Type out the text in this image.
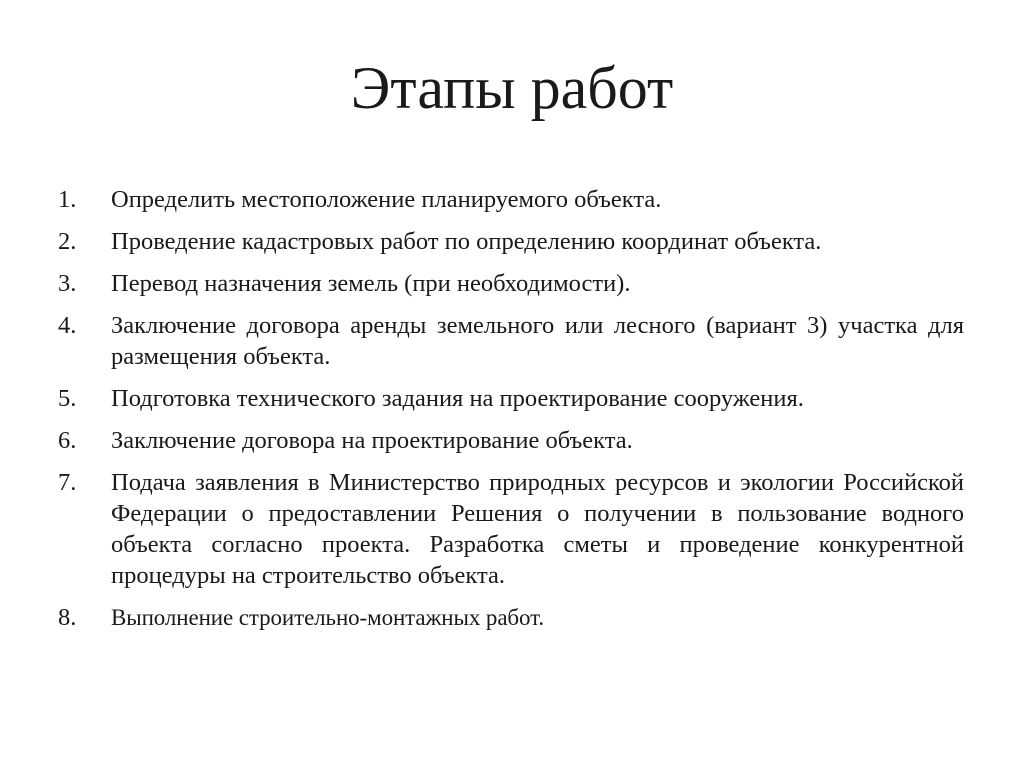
Этапы работ
1. Определить местоположение планируемого объекта.
2. Проведение кадастровых работ по определению координат объекта.
3. Перевод назначения земель (при необходимости).
4. Заключение договора аренды земельного или лесного (вариант 3) участка для размещения объекта.
5. Подготовка технического задания на проектирование сооружения.
6. Заключение договора на проектирование объекта.
7. Подача заявления в Министерство природных ресурсов и экологии Российской Федерации о предоставлении Решения о получении в пользование водного объекта согласно проекта. Разработка сметы и проведение конкурентной процедуры на строительство объекта.
8. Выполнение строительно-монтажных работ.
